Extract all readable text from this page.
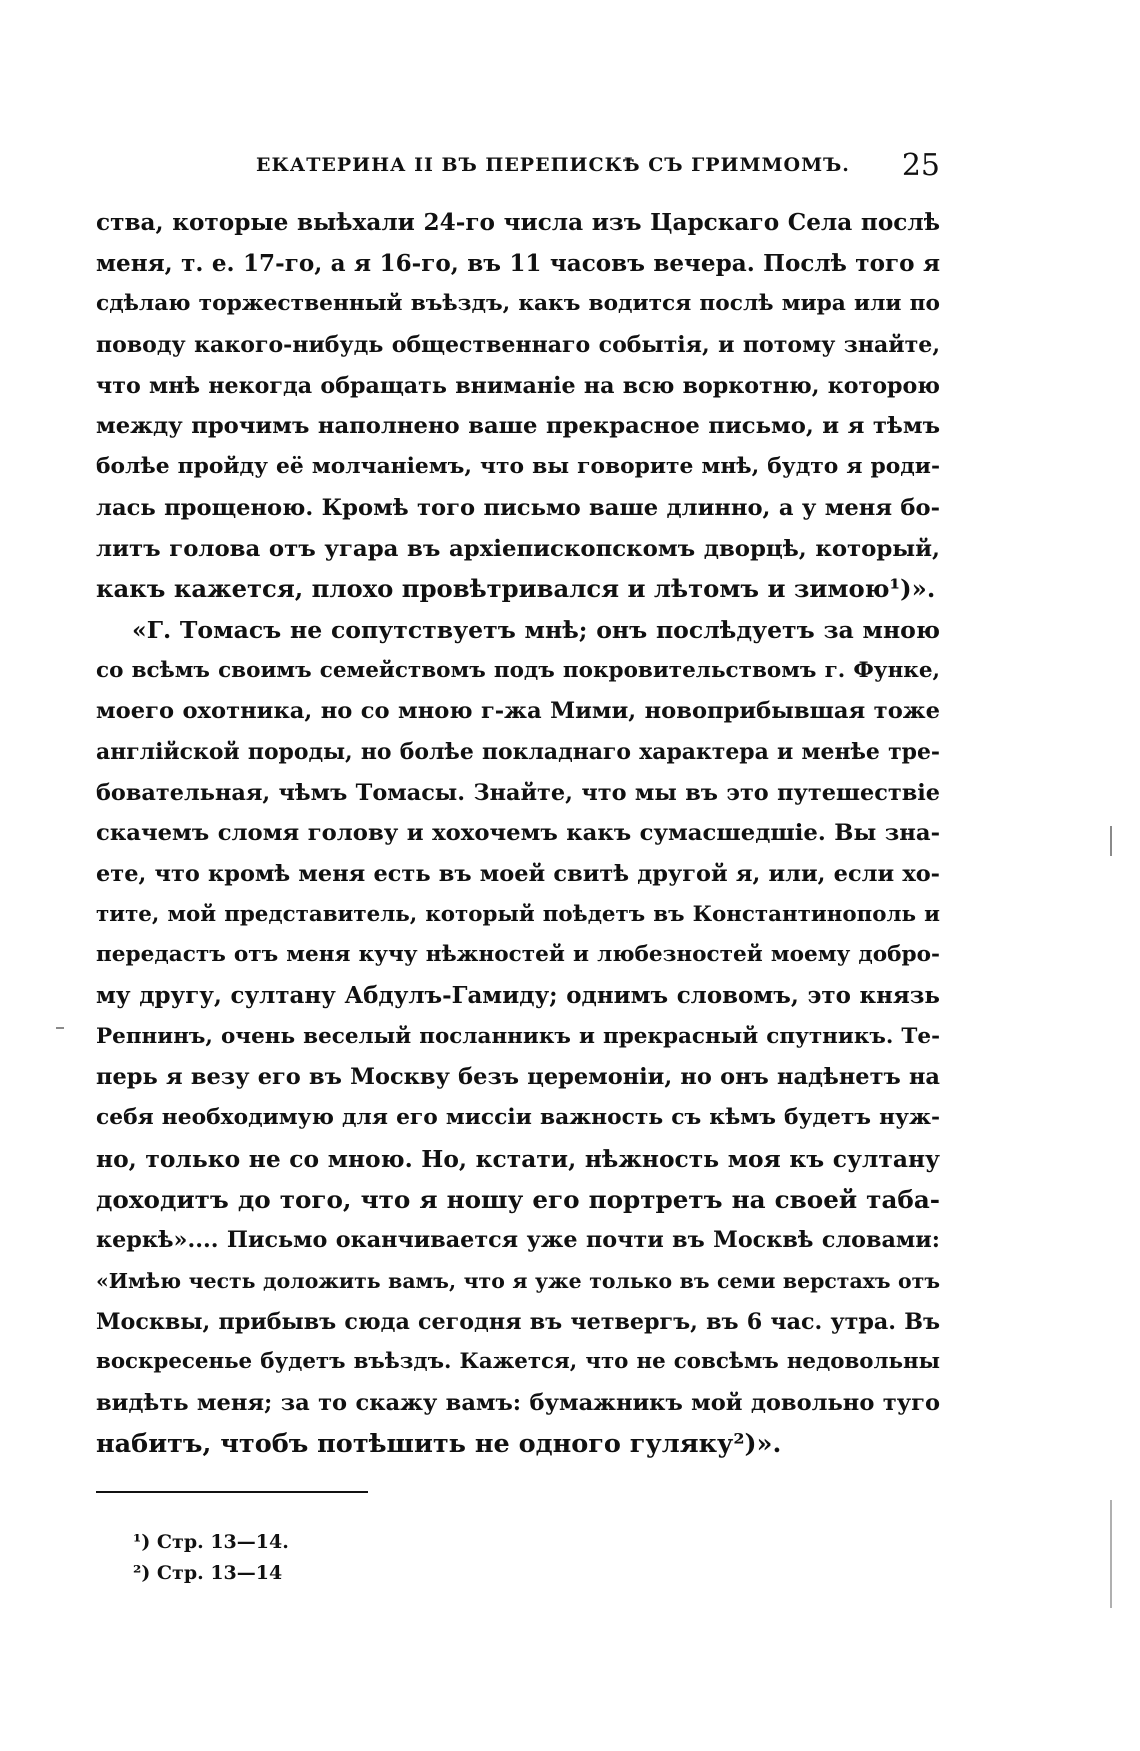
ЕКАТЕРИНА II ВЪ ПЕРЕПИСКѢ СЪ ГРИММОМЪ. 25
ства, которые выѣхали 24-го числа изъ Царскаго Села послѣ
меня, т. е. 17-го, а я 16-го, въ 11 часовъ вечера. Послѣ того я
сдѣлаю торжественный въѣздъ, какъ водится послѣ мира или по
поводу какого-нибудь общественнаго событія, и потому знайте,
что мнѣ некогда обращать вниманіе на всю воркотню, которою
между прочимъ наполнено ваше прекрасное письмо, и я тѣмъ
болѣе пройду её молчаніемъ, что вы говорите мнѣ, будто я роди-
лась прощеною. Кромѣ того письмо ваше длинно, а у меня бо-
литъ голова отъ угара въ архіепископскомъ дворцѣ, который,
какъ кажется, плохо провѣтривался и лѣтомъ и зимою¹)».
«Г. Томасъ не сопутствуетъ мнѣ; онъ послѣдуетъ за мною
со всѣмъ своимъ семействомъ подъ покровительствомъ г. Функе,
моего охотника, но со мною г-жа Мими, новоприбывшая тоже
англійской породы, но болѣе покладнаго характера и менѣе тре-
бовательная, чѣмъ Томасы. Знайте, что мы въ это путешествіе
скачемъ сломя голову и хохочемъ какъ сумасшедшіе. Вы зна-
ете, что кромѣ меня есть въ моей свитѣ другой я, или, если хо-
тите, мой представитель, который поѣдетъ въ Константинополь и
передастъ отъ меня кучу нѣжностей и любезностей моему добро-
му другу, султану Абдулъ-Гамиду; однимъ словомъ, это князь
Репнинъ, очень веселый посланникъ и прекрасный спутникъ. Те-
перь я везу его въ Москву безъ церемоніи, но онъ надѣнетъ на
себя необходимую для его миссіи важность съ кѣмъ будетъ нуж-
но, только не со мною. Но, кстати, нѣжность моя къ султану
доходитъ до того, что я ношу его портретъ на своей таба-
керкѣ».... Письмо оканчивается уже почти въ Москвѣ словами:
«Имѣю честь доложить вамъ, что я уже только въ семи верстахъ отъ
Москвы, прибывъ сюда сегодня въ четвергъ, въ 6 час. утра. Въ
воскресенье будетъ въѣздъ. Кажется, что не совсѣмъ недовольны
видѣть меня; за то скажу вамъ: бумажникъ мой довольно туго
набитъ, чтобъ потѣшить не одного гуляку²)».
¹) Стр. 13—14.
²) Стр. 13—14
